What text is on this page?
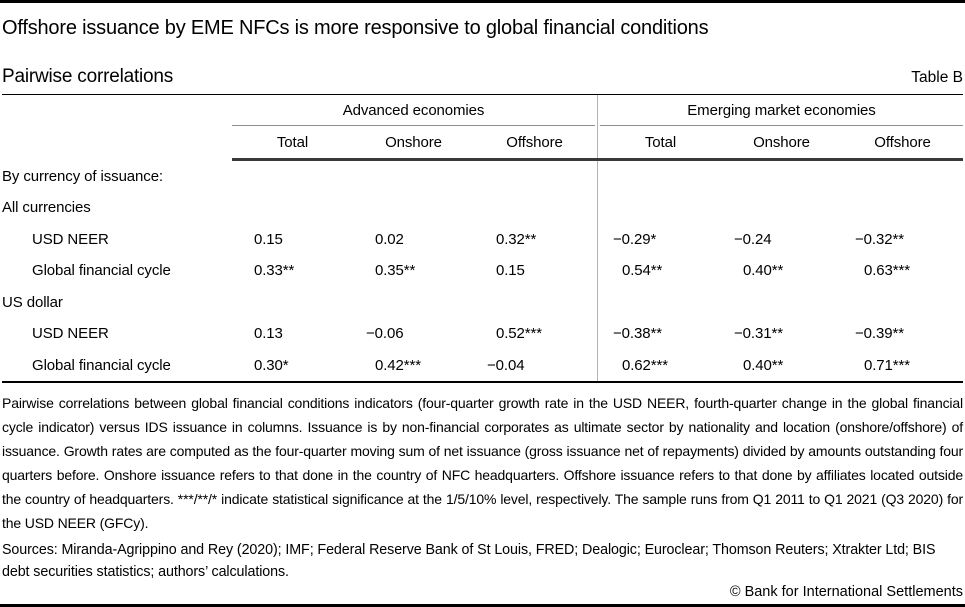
Offshore issuance by EME NFCs is more responsive to global financial conditions
Pairwise correlations	Table B
Advanced economies	Emerging market economies
Total	Onshore	Offshore	Total	Onshore	Offshore
By currency of issuance:
All currencies
USD NEER	0.15	0.02	0.32**	−0.29*	−0.24	−0.32**
Global financial cycle	0.33**	0.35**	0.15	0.54**	0.40**	0.63***
US dollar
USD NEER	0.13	−0.06	0.52***	−0.38**	−0.31**	−0.39**
Global financial cycle	0.30*	0.42***	−0.04	0.62***	0.40**	0.71***

Pairwise correlations between global financial conditions indicators (four-quarter growth rate in the USD NEER, fourth-quarter change in the global financial cycle indicator) versus IDS issuance in columns. Issuance is by non-financial corporates as ultimate sector by nationality and location (onshore/offshore) of issuance. Growth rates are computed as the four-quarter moving sum of net issuance (gross issuance net of repayments) divided by amounts outstanding four quarters before. Onshore issuance refers to that done in the country of NFC headquarters. Offshore issuance refers to that done by affiliates located outside the country of headquarters. ***/**/* indicate statistical significance at the 1/5/10% level, respectively. The sample runs from Q1 2011 to Q1 2021 (Q3 2020) for the USD NEER (GFCy).

Sources: Miranda-Agrippino and Rey (2020); IMF; Federal Reserve Bank of St Louis, FRED; Dealogic; Euroclear; Thomson Reuters; Xtrakter Ltd; BIS debt securities statistics; authors’ calculations.

© Bank for International Settlements
